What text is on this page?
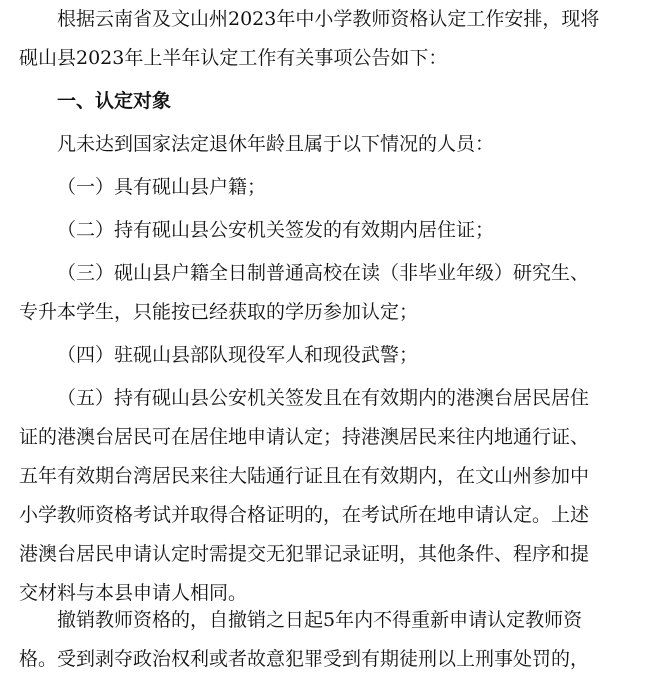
根据云南省及文山州2023年中小学教师资格认定工作安排，现将
砚山县2023年上半年认定工作有关事项公告如下：
一、认定对象
凡未达到国家法定退休年龄且属于以下情况的人员：
（一）具有砚山县户籍；
（二）持有砚山县公安机关签发的有效期内居住证；
（三）砚山县户籍全日制普通高校在读（非毕业年级）研究生、
专升本学生，只能按已经获取的学历参加认定；
（四）驻砚山县部队现役军人和现役武警；
（五）持有砚山县公安机关签发且在有效期内的港澳台居民居住
证的港澳台居民可在居住地申请认定；持港澳居民来往内地通行证、
五年有效期台湾居民来往大陆通行证且在有效期内，在文山州参加中
小学教师资格考试并取得合格证明的，在考试所在地申请认定。上述
港澳台居民申请认定时需提交无犯罪记录证明，其他条件、程序和提
交材料与本县申请人相同。
撤销教师资格的，自撤销之日起5年内不得重新申请认定教师资
格。受到剥夺政治权利或者故意犯罪受到有期徒刑以上刑事处罚的，
